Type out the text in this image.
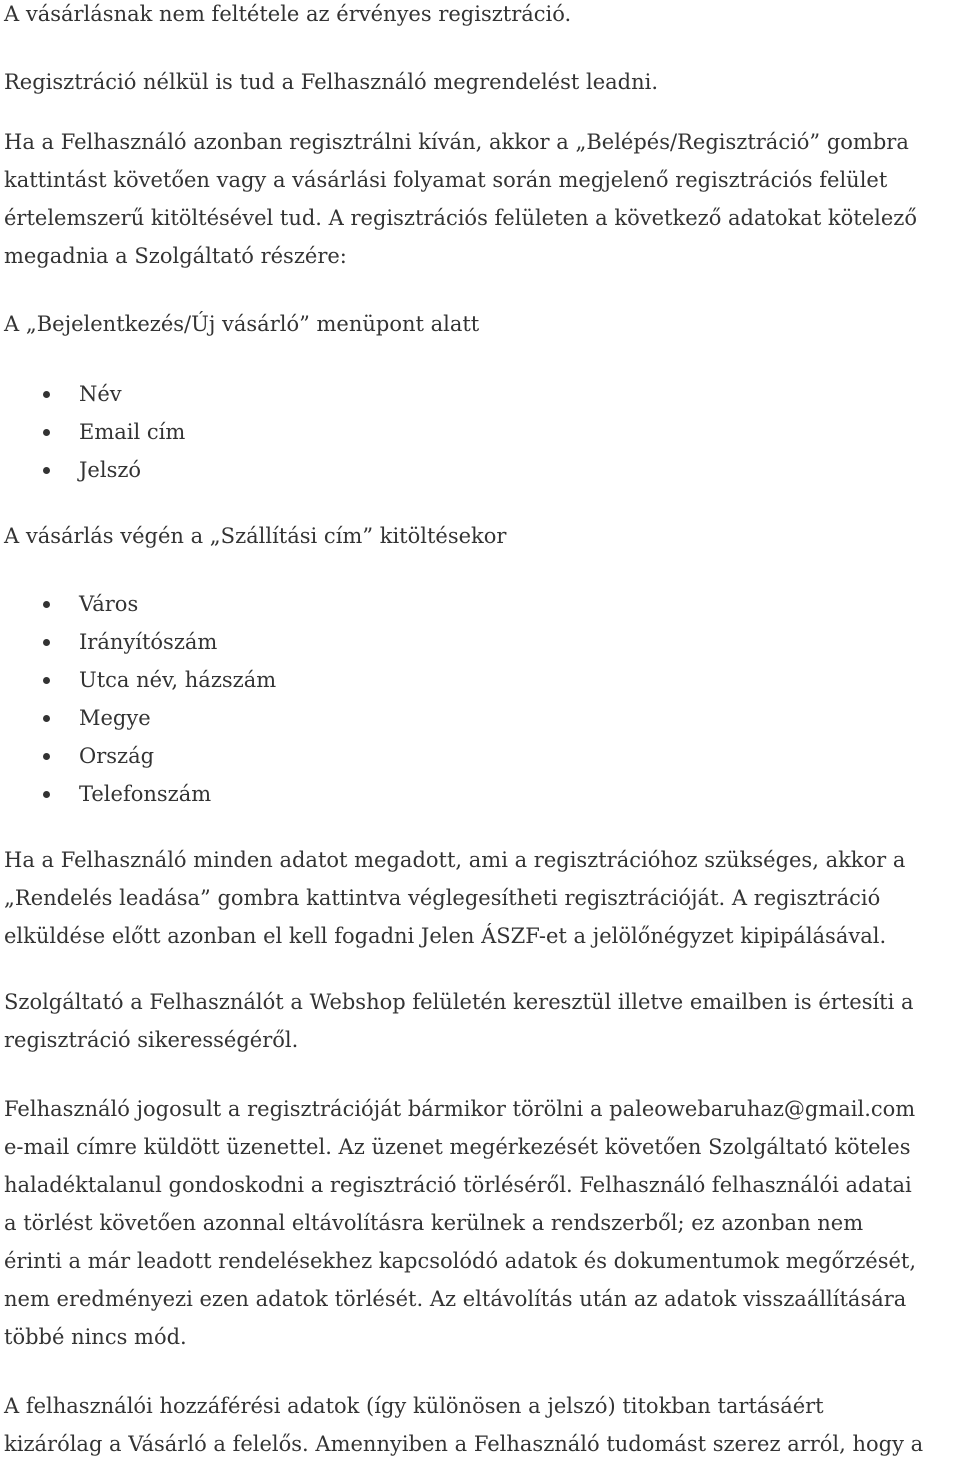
A vásárlásnak nem feltétele az érvényes regisztráció.

Regisztráció nélkül is tud a Felhasználó megrendelést leadni.

Ha a Felhasználó azonban regisztrálni kíván, akkor a „Belépés/Regisztráció” gombra
kattintást követően vagy a vásárlási folyamat során megjelenő regisztrációs felület
értelemszerű kitöltésével tud. A regisztrációs felületen a következő adatokat kötelező
megadnia a Szolgáltató részére:

A „Bejelentkezés/Új vásárló” menüpont alatt

Név
Email cím
Jelszó

A vásárlás végén a „Szállítási cím” kitöltésekor

Város
Irányítószám
Utca név, házszám
Megye
Ország
Telefonszám

Ha a Felhasználó minden adatot megadott, ami a regisztrációhoz szükséges, akkor a
„Rendelés leadása” gombra kattintva véglegesítheti regisztrációját. A regisztráció
elküldése előtt azonban el kell fogadni Jelen ÁSZF-et a jelölőnégyzet kipipálásával.

Szolgáltató a Felhasználót a Webshop felületén keresztül illetve emailben is értesíti a
regisztráció sikerességéről.

Felhasználó jogosult a regisztrációját bármikor törölni a paleowebaruhaz@gmail.com
e-mail címre küldött üzenettel. Az üzenet megérkezését követően Szolgáltató köteles
haladéktalanul gondoskodni a regisztráció törléséről. Felhasználó felhasználói adatai
a törlést követően azonnal eltávolításra kerülnek a rendszerből; ez azonban nem
érinti a már leadott rendelésekhez kapcsolódó adatok és dokumentumok megőrzését,
nem eredményezi ezen adatok törlését. Az eltávolítás után az adatok visszaállítására
többé nincs mód.

A felhasználói hozzáférési adatok (így különösen a jelszó) titokban tartásáért
kizárólag a Vásárló a felelős. Amennyiben a Felhasználó tudomást szerez arról, hogy a
